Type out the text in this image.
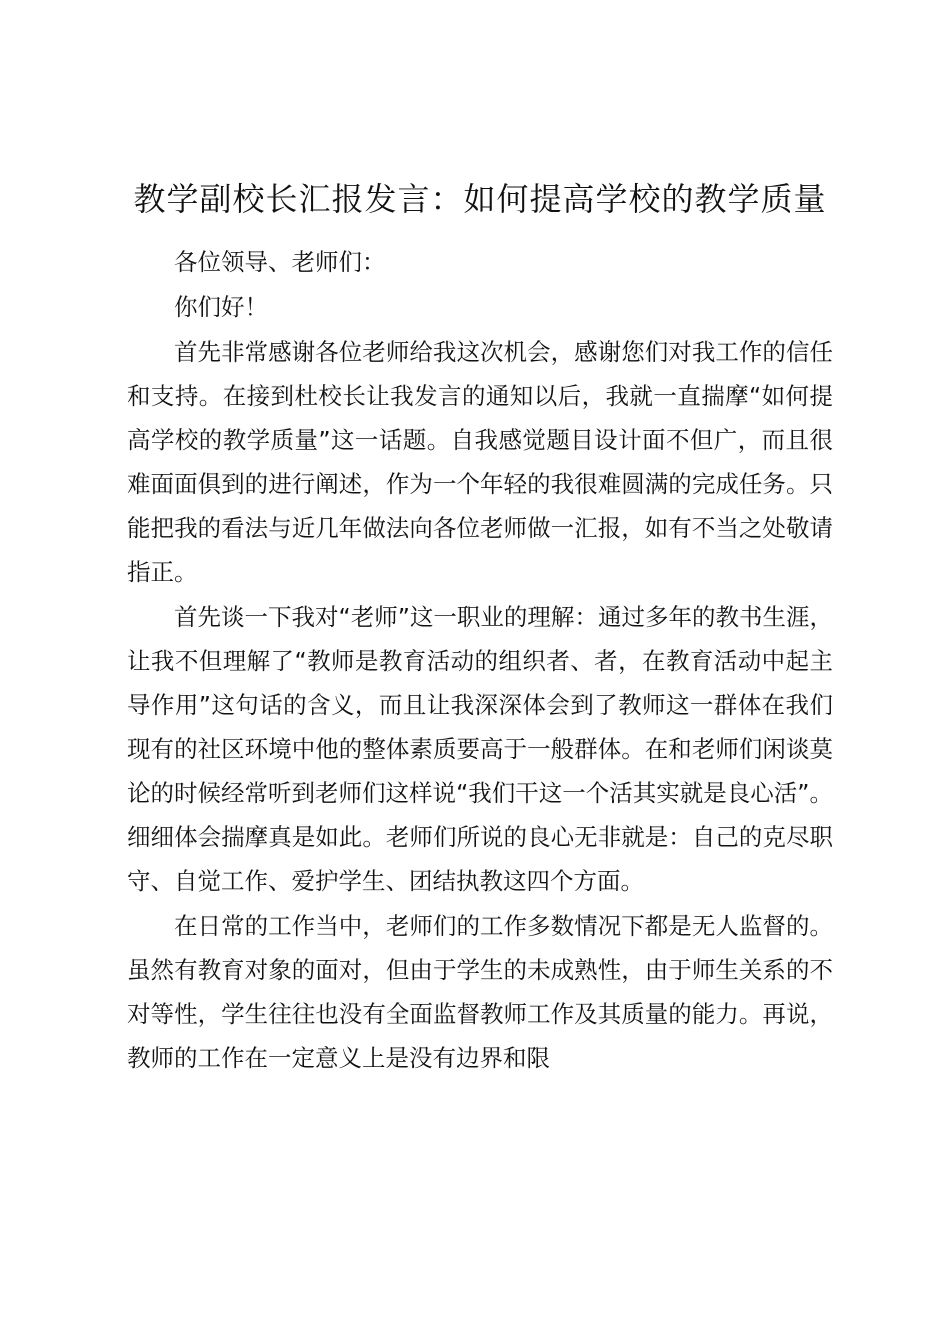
教学副校长汇报发言：如何提高学校的教学质量

各位领导、老师们：

你们好！

首先非常感谢各位老师给我这次机会，感谢您们对我工作的信任和支持。在接到杜校长让我发言的通知以后，我就一直揣摩“如何提高学校的教学质量”这一话题。自我感觉题目设计面不但广，而且很难面面俱到的进行阐述，作为一个年轻的我很难圆满的完成任务。只能把我的看法与近几年做法向各位老师做一汇报，如有不当之处敬请指正。

首先谈一下我对“老师”这一职业的理解：通过多年的教书生涯，让我不但理解了“教师是教育活动的组织者、者，在教育活动中起主导作用”这句话的含义，而且让我深深体会到了教师这一群体在我们现有的社区环境中他的整体素质要高于一般群体。在和老师们闲谈莫论的时候经常听到老师们这样说“我们干这一个活其实就是良心活”。细细体会揣摩真是如此。老师们所说的良心无非就是：自己的克尽职守、自觉工作、爱护学生、团结执教这四个方面。

在日常的工作当中，老师们的工作多数情况下都是无人监督的。虽然有教育对象的面对，但由于学生的未成熟性，由于师生关系的不对等性，学生往往也没有全面监督教师工作及其质量的能力。再说，教师的工作在一定意义上是没有边界和限
